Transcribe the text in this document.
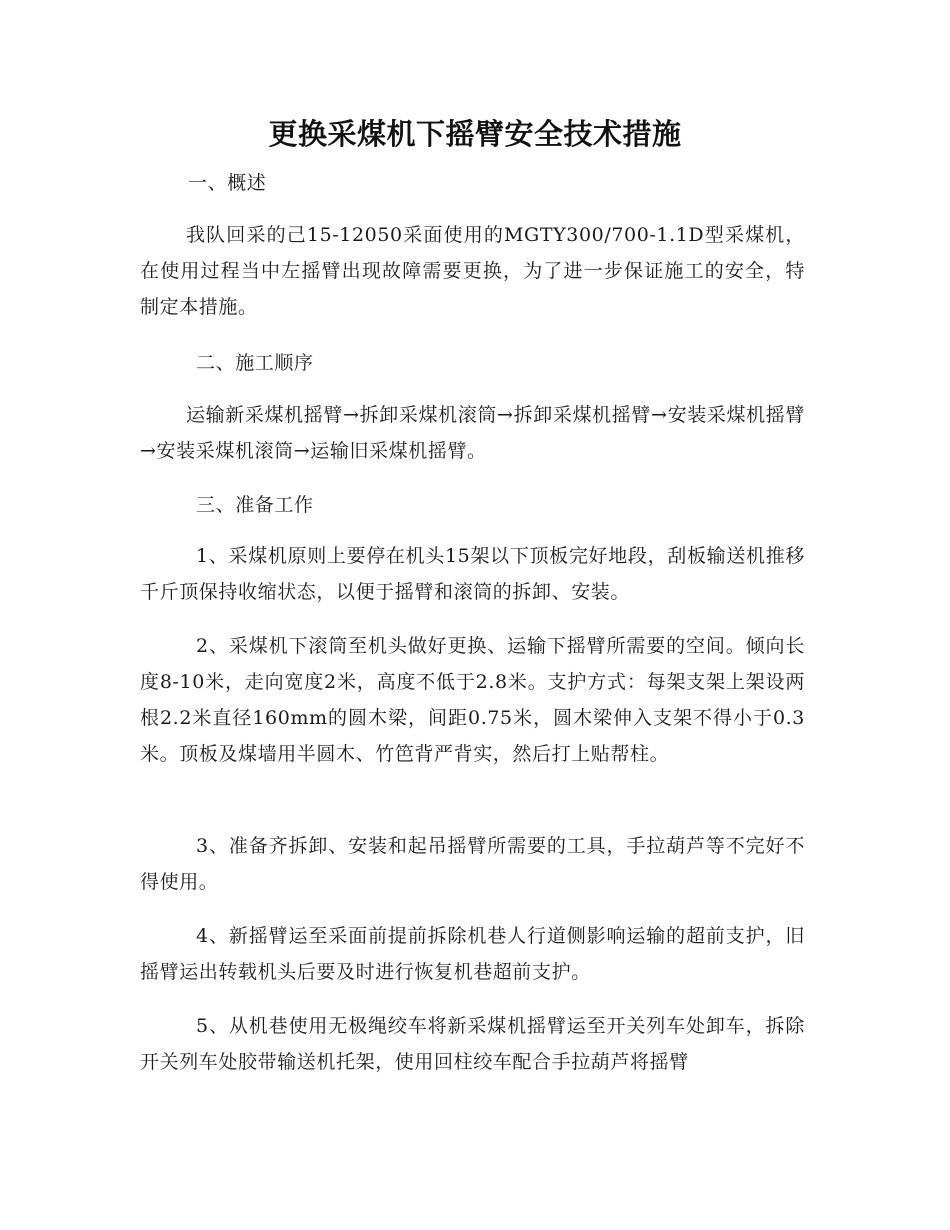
更换采煤机下摇臂安全技术措施
一、概述
我队回采的己15-12050采面使用的MGTY300/700-1.1D型采煤机，在使用过程当中左摇臂出现故障需要更换，为了进一步保证施工的安全，特制定本措施。
二、施工顺序
运输新采煤机摇臂→拆卸采煤机滚筒→拆卸采煤机摇臂→安装采煤机摇臂→安装采煤机滚筒→运输旧采煤机摇臂。
三、准备工作
1、采煤机原则上要停在机头15架以下顶板完好地段，刮板输送机推移千斤顶保持收缩状态，以便于摇臂和滚筒的拆卸、安装。
2、采煤机下滚筒至机头做好更换、运输下摇臂所需要的空间。倾向长度8-10米，走向宽度2米，高度不低于2.8米。支护方式：每架支架上架设两根2.2米直径160mm的圆木梁，间距0.75米，圆木梁伸入支架不得小于0.3米。顶板及煤墙用半圆木、竹笆背严背实，然后打上贴帮柱。
3、准备齐拆卸、安装和起吊摇臂所需要的工具，手拉葫芦等不完好不得使用。
4、新摇臂运至采面前提前拆除机巷人行道侧影响运输的超前支护，旧摇臂运出转载机头后要及时进行恢复机巷超前支护。
5、从机巷使用无极绳绞车将新采煤机摇臂运至开关列车处卸车，拆除开关列车处胶带输送机托架，使用回柱绞车配合手拉葫芦将摇臂
